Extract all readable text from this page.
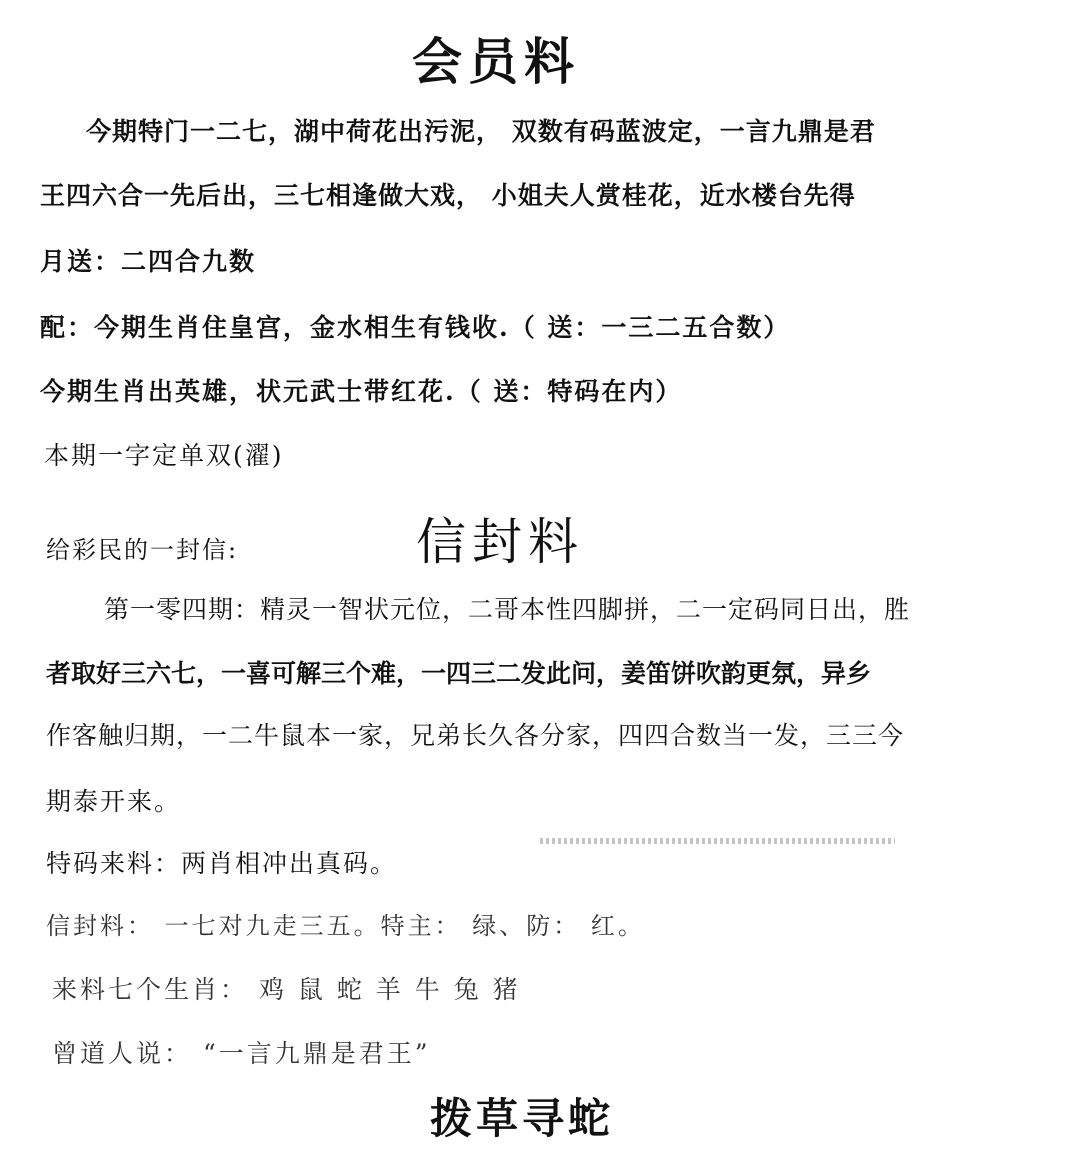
会员料
今期特门一二七，湖中荷花出污泥， 双数有码蓝波定，一言九鼎是君
王四六合一先后出，三七相逢做大戏， 小姐夫人赏桂花，近水楼台先得
月送：二四合九数
配：今期生肖住皇宫，金水相生有钱收.（ 送：一三二五合数）
今期生肖出英雄，状元武士带红花.（ 送：特码在内）
本期一字定单双(濯)
给彩民的一封信:	信封料
第一零四期：精灵一智状元位，二哥本性四脚拼，二一定码同日出，胜
者取好三六七，一喜可解三个难，一四三二发此问，姜笛饼吹韵更氛，异乡
作客触归期，一二牛鼠本一家，兄弟长久各分家，四四合数当一发，三三今
期泰开来。
特码来料：两肖相冲出真码。
信封料： 一七对九走三五。特主： 绿、防： 红。
来料七个生肖： 鸡 鼠 蛇 羊 牛 兔 猪
曾道人说： “一言九鼎是君王”
拨草寻蛇
